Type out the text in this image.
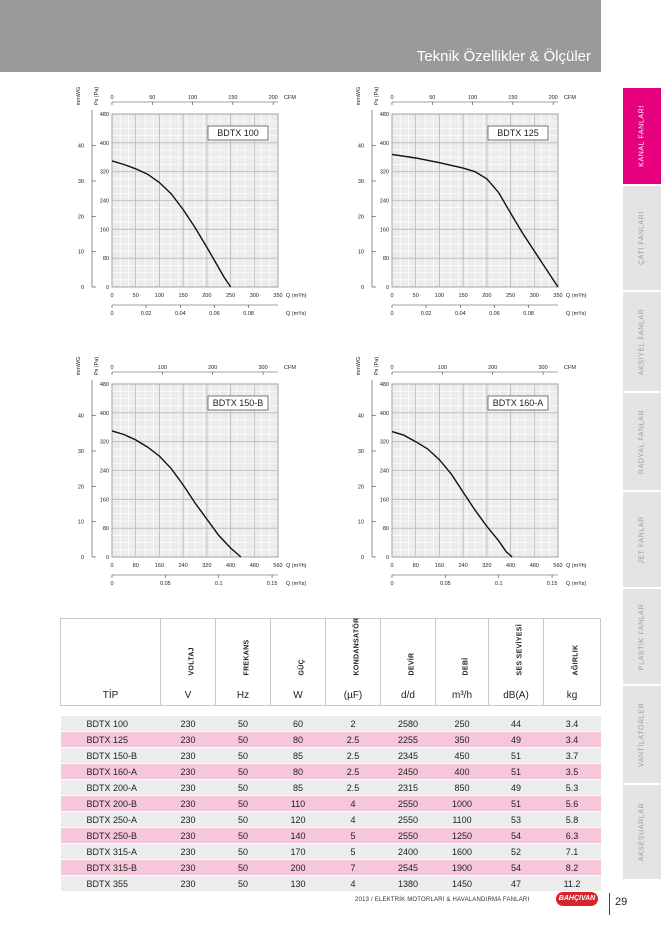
Teknik Özellikler & Ölçüler
KANAL FANLARI
ÇATI FANLARI
AKSİYEL FANLAR
RADYAL FANLAR
JET FANLAR
PLASTİK FANLAR
VANTİLATÖRLER
AKSESUARLAR
0
80
160
240
320
400
480
0
10
20
30
40
mmWG Ps (Pa) 0	50	100	150	200 CFM
0	50	100	150	200	250	300	350 Q (m³/h)
0	0.02	0.04	0.06	0.08	Q (m³/s)
BDTX 100
0
80
160
240
320
400
480
0
10
20
30
40
mmWG Ps (Pa) 0	50	100	150	200 CFM
0	50	100	150	200	250	300	350 Q (m³/h)
0	0.02	0.04	0.06	0.08	Q (m³/s)
BDTX 125
0
80
160
240
320
400
480
0
10
20
30
40
mmWG Ps (Pa) 0	100	200	300	CFM
0	80	160	240	320	400	480	560 Q (m³/h)
0	0.05	0.1	0.15 Q (m³/s)
BDTX 150-B
0
80
160
240
320
400
480
0
10
20
30
40
mmWG Ps (Pa) 0	100	200	300	CFM
0	80	160	240	320	400	480	560 Q (m³/h)
0	0.05	0.1	0.15 Q (m³/s)
BDTX 160-A

	VOLTAJ	FREKANS	GÜÇ	KONDANSATÖR	DEVİR	DEBİ	SES SEVİYESİ	AĞIRLIK

TİP	V	Hz	W	(µF)	d/d	m³/h	dB(A)	kg

BDTX 100	230	50	60	2	2580	250	44	3.4
BDTX 125	230	50	80	2.5	2255	350	49	3.4
BDTX 150-B	230	50	85	2.5	2345	450	51	3.7
BDTX 160-A	230	50	80	2.5	2450	400	51	3.5
BDTX 200-A	230	50	85	2.5	2315	850	49	5.3
BDTX 200-B	230	50	110	4	2550	1000	51	5.6
BDTX 250-A	230	50	120	4	2550	1100	53	5.8
BDTX 250-B	230	50	140	5	2550	1250	54	6.3
BDTX 315-A	230	50	170	5	2400	1600	52	7.1
BDTX 315-B	230	50	200	7	2545	1900	54	8.2
BDTX 355	230	50	130	4	1380	1450	47	11.2
2013 / ELEKTRİK MOTORLARI & HAVALANDIRMA FANLARI	BAHÇIVAN 29
